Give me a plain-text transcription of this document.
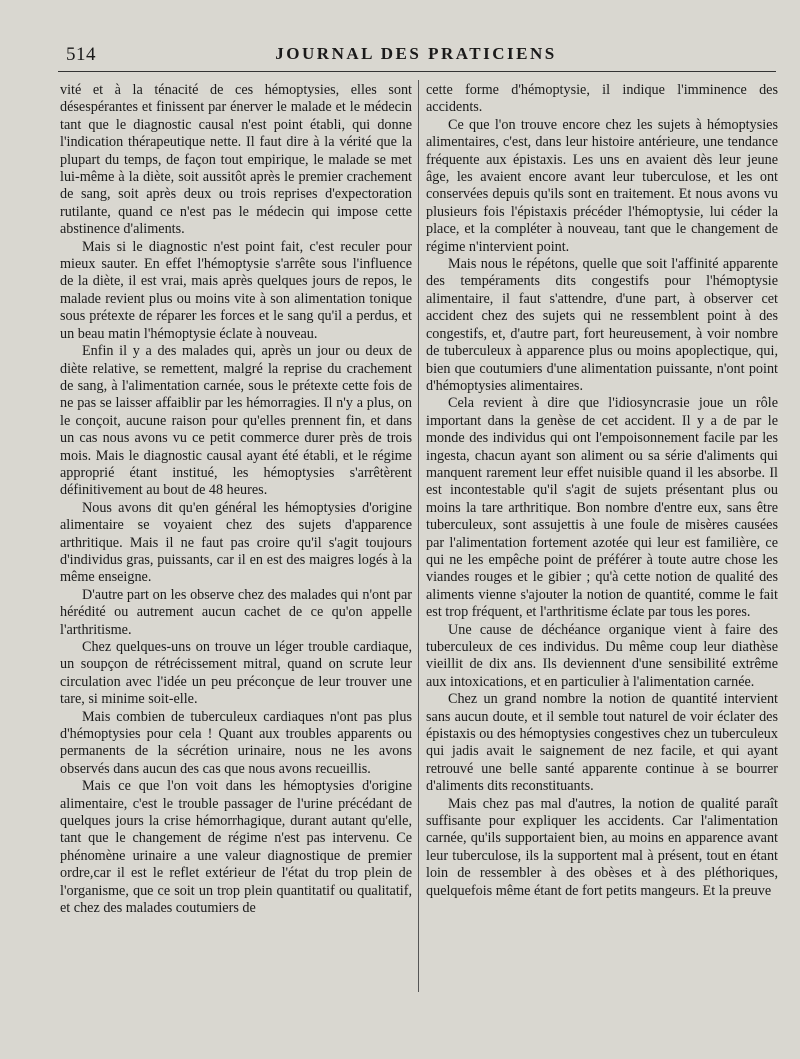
514	JOURNAL DES PRATICIENS

vité et à la ténacité de ces hémoptysies, elles sont désespérantes et finissent par énerver le malade et le médecin tant que le diagnostic causal n'est point établi, qui donne l'indication thérapeutique nette. Il faut dire à la vérité que la plupart du temps, de façon tout empirique, le malade se met lui-même à la diète, soit aussitôt après le premier crachement de sang, soit après deux ou trois reprises d'expectoration rutilante, quand ce n'est pas le médecin qui impose cette abstinence d'aliments.

Mais si le diagnostic n'est point fait, c'est reculer pour mieux sauter. En effet l'hémoptysie s'arrête sous l'influence de la diète, il est vrai, mais après quelques jours de repos, le malade revient plus ou moins vite à son alimentation tonique sous prétexte de réparer les forces et le sang qu'il a perdus, et un beau matin l'hémoptysie éclate à nouveau.

Enfin il y a des malades qui, après un jour ou deux de diète relative, se remettent, malgré la reprise du crachement de sang, à l'alimentation carnée, sous le prétexte cette fois de ne pas se laisser affaiblir par les hémorragies. Il n'y a plus, on le conçoit, aucune raison pour qu'elles prennent fin, et dans un cas nous avons vu ce petit commerce durer près de trois mois. Mais le diagnostic causal ayant été établi, et le régime approprié étant institué, les hémoptysies s'arrêtèrent définitivement au bout de 48 heures.

Nous avons dit qu'en général les hémoptysies d'origine alimentaire se voyaient chez des sujets d'apparence arthritique. Mais il ne faut pas croire qu'il s'agit toujours d'individus gras, puissants, car il en est des maigres logés à la même enseigne.

D'autre part on les observe chez des malades qui n'ont par hérédité ou autrement aucun cachet de ce qu'on appelle l'arthritisme.

Chez quelques-uns on trouve un léger trouble cardiaque, un soupçon de rétrécissement mitral, quand on scrute leur circulation avec l'idée un peu préconçue de leur trouver une tare, si minime soit-elle.

Mais combien de tuberculeux cardiaques n'ont pas plus d'hémoptysies pour cela ! Quant aux troubles apparents ou permanents de la sécrétion urinaire, nous ne les avons observés dans aucun des cas que nous avons recueillis.

Mais ce que l'on voit dans les hémoptysies d'origine alimentaire, c'est le trouble passager de l'urine précédant de quelques jours la crise hémorrhagique, durant autant qu'elle, tant que le changement de régime n'est pas intervenu. Ce phénomène urinaire a une valeur diagnostique de premier ordre,car il est le reflet extérieur de l'état du trop plein de l'organisme, que ce soit un trop plein quantitatif ou qualitatif, et chez des malades coutumiers de

cette forme d'hémoptysie, il indique l'imminence des accidents.

Ce que l'on trouve encore chez les sujets à hémoptysies alimentaires, c'est, dans leur histoire antérieure, une tendance fréquente aux épistaxis. Les uns en avaient dès leur jeune âge, les avaient encore avant leur tuberculose, et les ont conservées depuis qu'ils sont en traitement. Et nous avons vu plusieurs fois l'épistaxis précéder l'hémoptysie, lui céder la place, et la compléter à nouveau, tant que le changement de régime n'intervient point.

Mais nous le répétons, quelle que soit l'affinité apparente des tempéraments dits congestifs pour l'hémoptysie alimentaire, il faut s'attendre, d'une part, à observer cet accident chez des sujets qui ne ressemblent point à des congestifs, et, d'autre part, fort heureusement, à voir nombre de tuberculeux à apparence plus ou moins apoplectique, qui, bien que coutumiers d'une alimentation puissante, n'ont point d'hémoptysies alimentaires.

Cela revient à dire que l'idiosyncrasie joue un rôle important dans la genèse de cet accident. Il y a de par le monde des individus qui ont l'empoisonnement facile par les ingesta, chacun ayant son aliment ou sa série d'aliments qui manquent rarement leur effet nuisible quand il les absorbe. Il est incontestable qu'il s'agit de sujets présentant plus ou moins la tare arthritique. Bon nombre d'entre eux, sans être tuberculeux, sont assujettis à une foule de misères causées par l'alimentation fortement azotée qui leur est familière, ce qui ne les empêche point de préférer à toute autre chose les viandes rouges et le gibier ; qu'à cette notion de qualité des aliments vienne s'ajouter la notion de quantité, comme le fait est trop fréquent, et l'arthritisme éclate par tous les pores.

Une cause de déchéance organique vient à faire des tuberculeux de ces individus. Du même coup leur diathèse vieillit de dix ans. Ils deviennent d'une sensibilité extrême aux intoxications, et en particulier à l'alimentation carnée.

Chez un grand nombre la notion de quantité intervient sans aucun doute, et il semble tout naturel de voir éclater des épistaxis ou des hémoptysies congestives chez un tuberculeux qui jadis avait le saignement de nez facile, et qui ayant retrouvé une belle santé apparente continue à se bourrer d'aliments dits reconstituants.

Mais chez pas mal d'autres, la notion de qualité paraît suffisante pour expliquer les accidents. Car l'alimentation carnée, qu'ils supportaient bien, au moins en apparence avant leur tuberculose, ils la supportent mal à présent, tout en étant loin de ressembler à des obèses et à des pléthoriques, quelquefois même étant de fort petits mangeurs. Et la preuve
